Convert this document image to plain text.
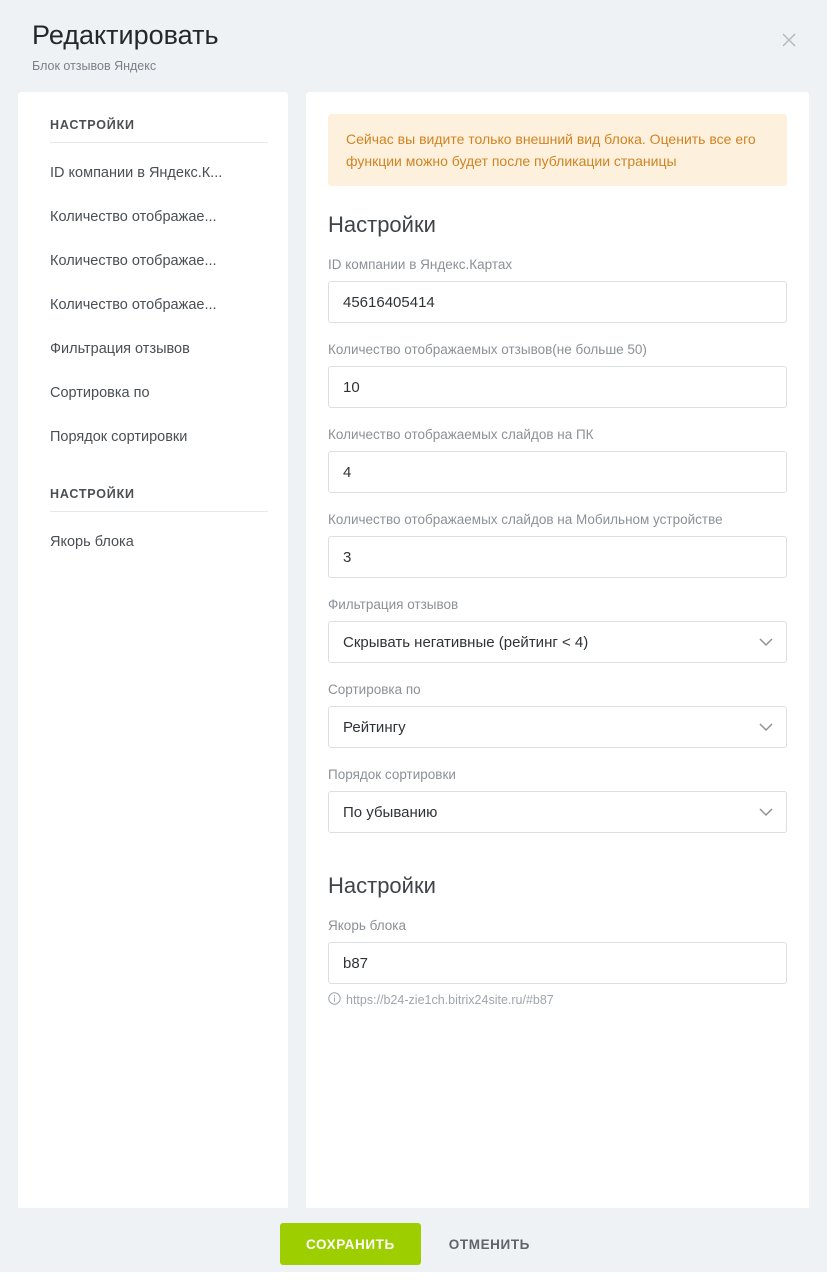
Редактировать
Блок отзывов Яндекс
НАСТРОЙКИ
ID компании в Яндекс.К...
Количество отображае...
Количество отображае...
Количество отображае...
Фильтрация отзывов
Сортировка по
Порядок сортировки
НАСТРОЙКИ
Якорь блока
Сейчас вы видите только внешний вид блока. Оценить все его функции можно будет после публикации страницы
Настройки
ID компании в Яндекс.Картах
45616405414
Количество отображаемых отзывов(не больше 50)
10
Количество отображаемых слайдов на ПК
4
Количество отображаемых слайдов на Мобильном устройстве
3
Фильтрация отзывов
Скрывать негативные (рейтинг < 4)
Сортировка по
Рейтингу
Порядок сортировки
По убыванию
Настройки
Якорь блока
b87
https://b24-zie1ch.bitrix24site.ru/#b87
СОХРАНИТЬ	ОТМЕНИТЬ
